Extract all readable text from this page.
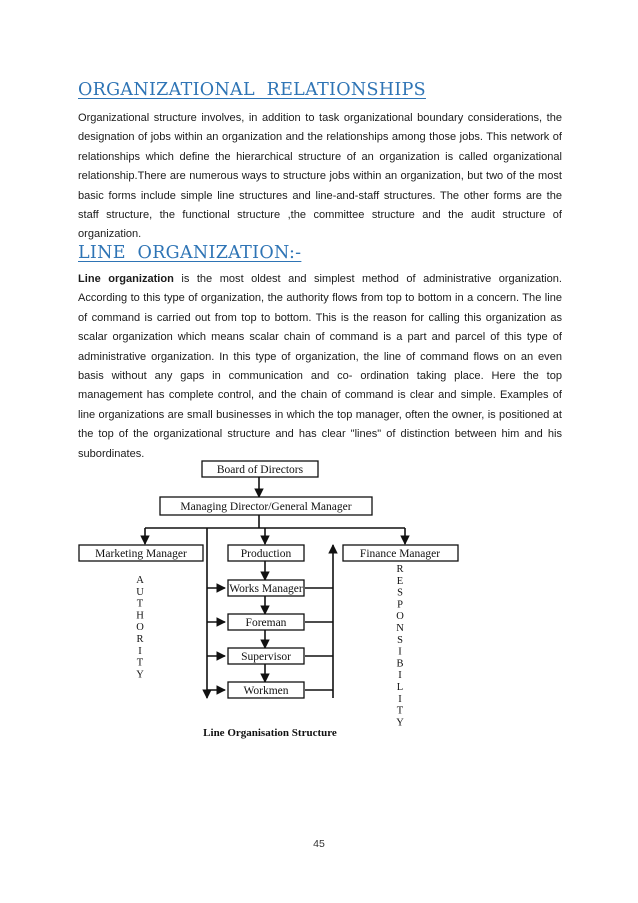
ORGANIZATIONAL  RELATIONSHIPS

Organizational structure involves, in addition to task organizational boundary considerations, the designation of jobs within an organization and the relationships among those jobs. This network of relationships which define the hierarchical structure of an organization is called organizational relationship.There are numerous ways to structure jobs within an organization, but two of the most basic forms include simple line structures and line-and-staff structures. The other forms are the staff structure, the functional structure ,the committee structure and the audit structure of organization.

LINE  ORGANIZATION:-

Line organization is the most oldest and simplest method of administrative organization. According to this type of organization, the authority flows from top to bottom in a concern. The line of command is carried out from top to bottom. This is the reason for calling this organization as scalar organization which means scalar chain of command is a part and parcel of this type of administrative organization. In this type of organization, the line of command flows on an even basis without any gaps in communication and co- ordination taking place. Here the top management has complete control, and the chain of command is clear and simple. Examples of line organizations are small businesses in which the top manager, often the owner, is positioned at the top of the organizational structure and has clear "lines" of distinction between him and his subordinates.

Board of Directors
Managing Director/General Manager
Marketing Manager	Production	Finance Manager
Works Manager
Foreman
Supervisor
Workmen
A
U
T
H
O
R
I
T
Y
R
E
S
P
O
N
S
I
B
I
L
I
T
Y
Line Organisation Structure
45
